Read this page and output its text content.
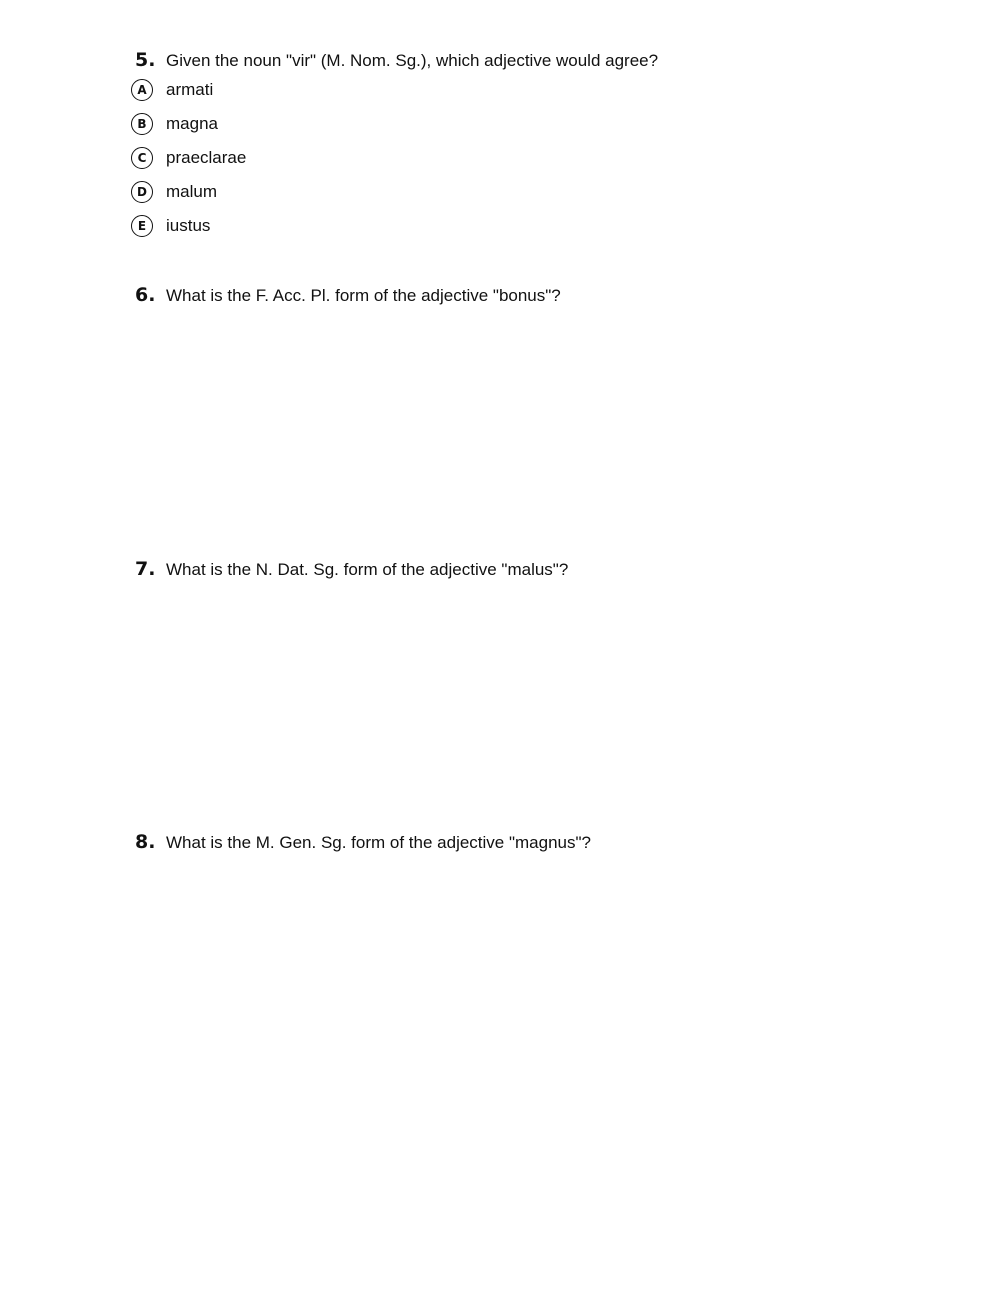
5. Given the noun "vir" (M. Nom. Sg.), which adjective would agree?
A	armati
B	magna
C	praeclarae
D	malum
E	iustus
6. What is the F. Acc. Pl. form of the adjective "bonus"?
7. What is the N. Dat. Sg. form of the adjective "malus"?
8. What is the M. Gen. Sg. form of the adjective "magnus"?
